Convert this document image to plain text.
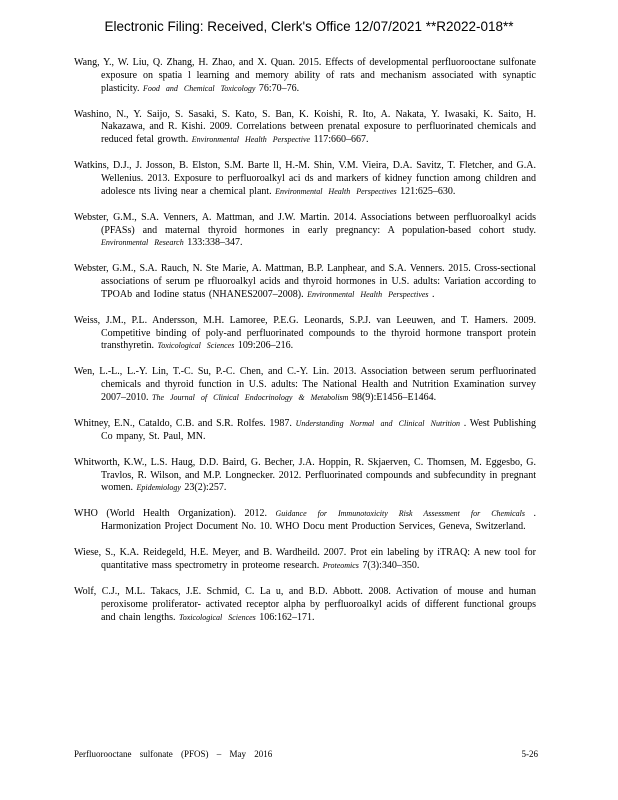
Electronic Filing: Received, Clerk's Office 12/07/2021 **R2022-018**

Wang, Y., W. Liu, Q. Zhang, H. Zhao, and X. Quan. 2015. Effects of developmental perfluorooctane sulfonate exposure on spatia l learning and memory ability of rats and mechanism associated with synaptic plasticity. Food and Chemical Toxicology 76:70–76.

Washino, N., Y. Saijo, S. Sasaki, S. Kato, S. Ban, K. Koishi, R. Ito, A. Nakata, Y. Iwasaki, K. Saito, H. Nakazawa, and R. Kishi. 2009. Correlations between prenatal exposure to perfluorinated chemicals and reduced fetal growth. Environmental Health Perspective 117:660–667.

Watkins, D.J., J. Josson, B. Elston, S.M. Barte ll, H.-M. Shin, V.M. Vieira, D.A. Savitz, T. Fletcher, and G.A. Wellenius. 2013. Exposure to perfluoroalkyl aci ds and markers of kidney function among children and adolesce nts living near a chemical plant. Environmental Health Perspectives 121:625–630.

Webster, G.M., S.A. Venners, A. Mattman, and J.W. Martin. 2014. Associations between perfluoroalkyl acids (PFASs) and maternal thyroid hormones in early pregnancy: A population-based cohort study. Environmental Research 133:338–347.

Webster, G.M., S.A. Rauch, N. Ste Marie, A. Mattman, B.P. Lanphear, and S.A. Venners. 2015. Cross-sectional associations of serum pe rfluoroalkyl acids and thyroid hormones in U.S. adults: Variation according to TPOAb and Iodine status (NHANES2007–2008). Environmental Health Perspectives .

Weiss, J.M., P.L. Andersson, M.H. Lamoree, P.E.G. Leonards, S.P.J. van Leeuwen, and T. Hamers. 2009. Competitive binding of poly-and perfluorinated compounds to the thyroid hormone transport protein transthyretin. Toxicological Sciences 109:206–216.

Wen, L.-L., L.-Y. Lin, T.-C. Su, P.-C. Chen, and C.-Y. Lin. 2013. Association between serum perfluorinated chemicals and thyroid function in U.S. adults: The National Health and Nutrition Examination survey 2007–2010. The Journal of Clinical Endocrinology & Metabolism 98(9):E1456–E1464.

Whitney, E.N., Cataldo, C.B. and S.R. Rolfes. 1987. Understanding Normal and Clinical Nutrition . West Publishing Co mpany, St. Paul, MN.

Whitworth, K.W., L.S. Haug, D.D. Baird, G. Becher, J.A. Hoppin, R. Skjaerven, C. Thomsen, M. Eggesbo, G. Travlos, R. Wilson, and M.P. Longnecker. 2012. Perfluorinated compounds and subfecundity in pregnant women. Epidemiology 23(2):257.

WHO (World Health Organization). 2012. Guidance for Immunotoxicity Risk Assessment for Chemicals . Harmonization Project Document No. 10. WHO Docu ment Production Services, Geneva, Switzerland.

Wiese, S., K.A. Reidegeld, H.E. Meyer, and B. Wardheild. 2007. Prot ein labeling by iTRAQ: A new tool for quantitative mass spectrometry in proteome research. Proteomics 7(3):340–350.

Wolf, C.J., M.L. Takacs, J.E. Schmid, C. La u, and B.D. Abbott. 2008. Activation of mouse and human peroxisome proliferator- activated receptor alpha by perfluoroalkyl acids of different functional groups and chain lengths. Toxicological Sciences 106:162–171.

Perfluorooctane sulfonate (PFOS) – May 2016	5-26
